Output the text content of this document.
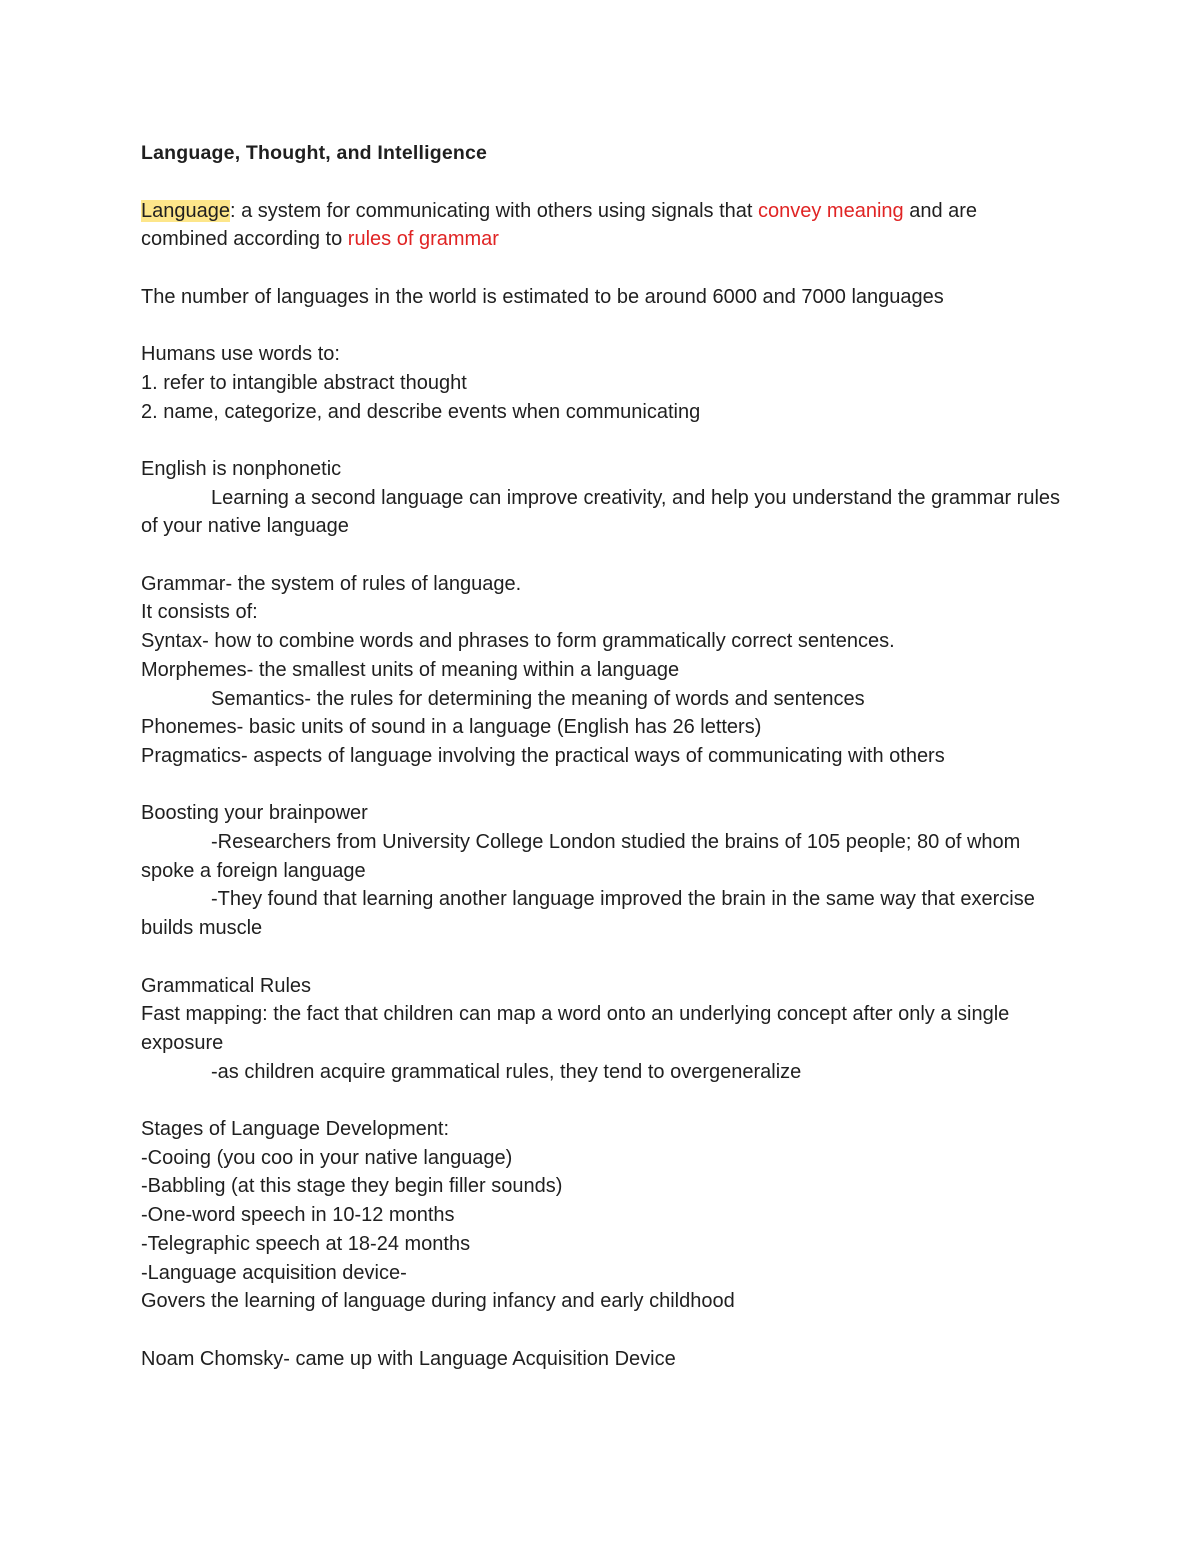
Language, Thought, and Intelligence

Language: a system for communicating with others using signals that convey meaning and are combined according to rules of grammar

The number of languages in the world is estimated to be around 6000 and 7000 languages

Humans use words to:

1. refer to intangible abstract thought

2. name, categorize, and describe events when communicating

English is nonphonetic

Learning a second language can improve creativity, and help you understand the grammar rules of your native language

Grammar- the system of rules of language.

It consists of:

Syntax- how to combine words and phrases to form grammatically correct sentences.

Morphemes- the smallest units of meaning within a language

Semantics- the rules for determining the meaning of words and sentences

Phonemes- basic units of sound in a language (English has 26 letters)

Pragmatics- aspects of language involving the practical ways of communicating with others

Boosting your brainpower

-Researchers from University College London studied the brains of 105 people; 80 of whom spoke a foreign language

-They found that learning another language improved the brain in the same way that exercise builds muscle

Grammatical Rules

Fast mapping: the fact that children can map a word onto an underlying concept after only a single exposure

-as children acquire grammatical rules, they tend to overgeneralize

Stages of Language Development:

-Cooing (you coo in your native language)

-Babbling (at this stage they begin filler sounds)

-One-word speech in 10-12 months

-Telegraphic speech at 18-24 months

-Language acquisition device-

Govers the learning of language during infancy and early childhood

Noam Chomsky- came up with Language Acquisition Device
